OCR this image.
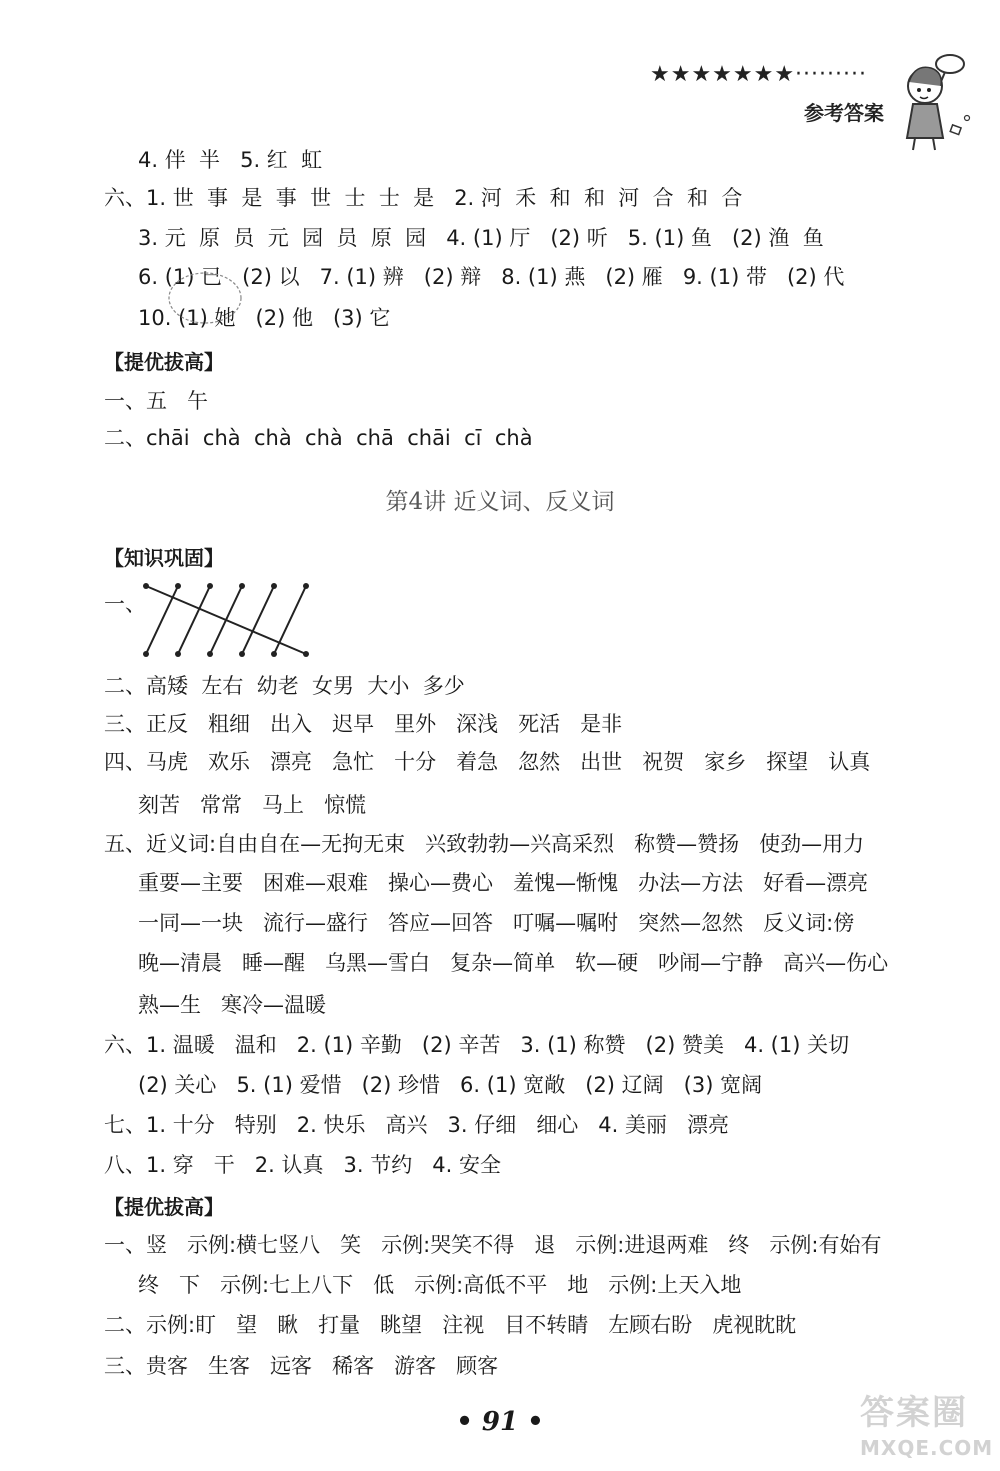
★★★★★★★·········
参考答案
4. 伴  半   5. 红  虹
六、1. 世  事  是  事  世  士  士  是   2. 河  禾  和  和  河  合  和  合
3. 元  原  员  元  园  员  原  园   4. (1) 厅   (2) 听   5. (1) 鱼   (2) 渔  鱼
6. (1) 已   (2) 以   7. (1) 辨   (2) 辩   8. (1) 燕   (2) 雁   9. (1) 带   (2) 代
10. (1) 她   (2) 他   (3) 它
【提优拔高】
一、五   午
二、chāi  chà  chà  chà  chā  chāi  cī  chà
第4讲 近义词、反义词
【知识巩固】
一、
二、高矮  左右  幼老  女男  大小  多少
三、正反   粗细   出入   迟早   里外   深浅   死活   是非
四、马虎   欢乐   漂亮   急忙   十分   着急   忽然   出世   祝贺   家乡   探望   认真
刻苦   常常   马上   惊慌
五、近义词:自由自在—无拘无束   兴致勃勃—兴高采烈   称赞—赞扬   使劲—用力
重要—主要   困难—艰难   操心—费心   羞愧—惭愧   办法—方法   好看—漂亮
一同—一块   流行—盛行   答应—回答   叮嘱—嘱咐   突然—忽然   反义词:傍
晚—清晨   睡—醒   乌黑—雪白   复杂—简单   软—硬   吵闹—宁静   高兴—伤心
熟—生   寒冷—温暖
六、1. 温暖   温和   2. (1) 辛勤   (2) 辛苦   3. (1) 称赞   (2) 赞美   4. (1) 关切
(2) 关心   5. (1) 爱惜   (2) 珍惜   6. (1) 宽敞   (2) 辽阔   (3) 宽阔
七、1. 十分   特别   2. 快乐   高兴   3. 仔细   细心   4. 美丽   漂亮
八、1. 穿   干   2. 认真   3. 节约   4. 安全
【提优拔高】
一、竖   示例:横七竖八   笑   示例:哭笑不得   退   示例:进退两难   终   示例:有始有
终   下   示例:七上八下   低   示例:高低不平   地   示例:上天入地
二、示例:盯   望   瞅   打量   眺望   注视   目不转睛   左顾右盼   虎视眈眈
三、贵客   生客   远客   稀客   游客   顾客
• 91 •	答案圈
MXQE.COM
